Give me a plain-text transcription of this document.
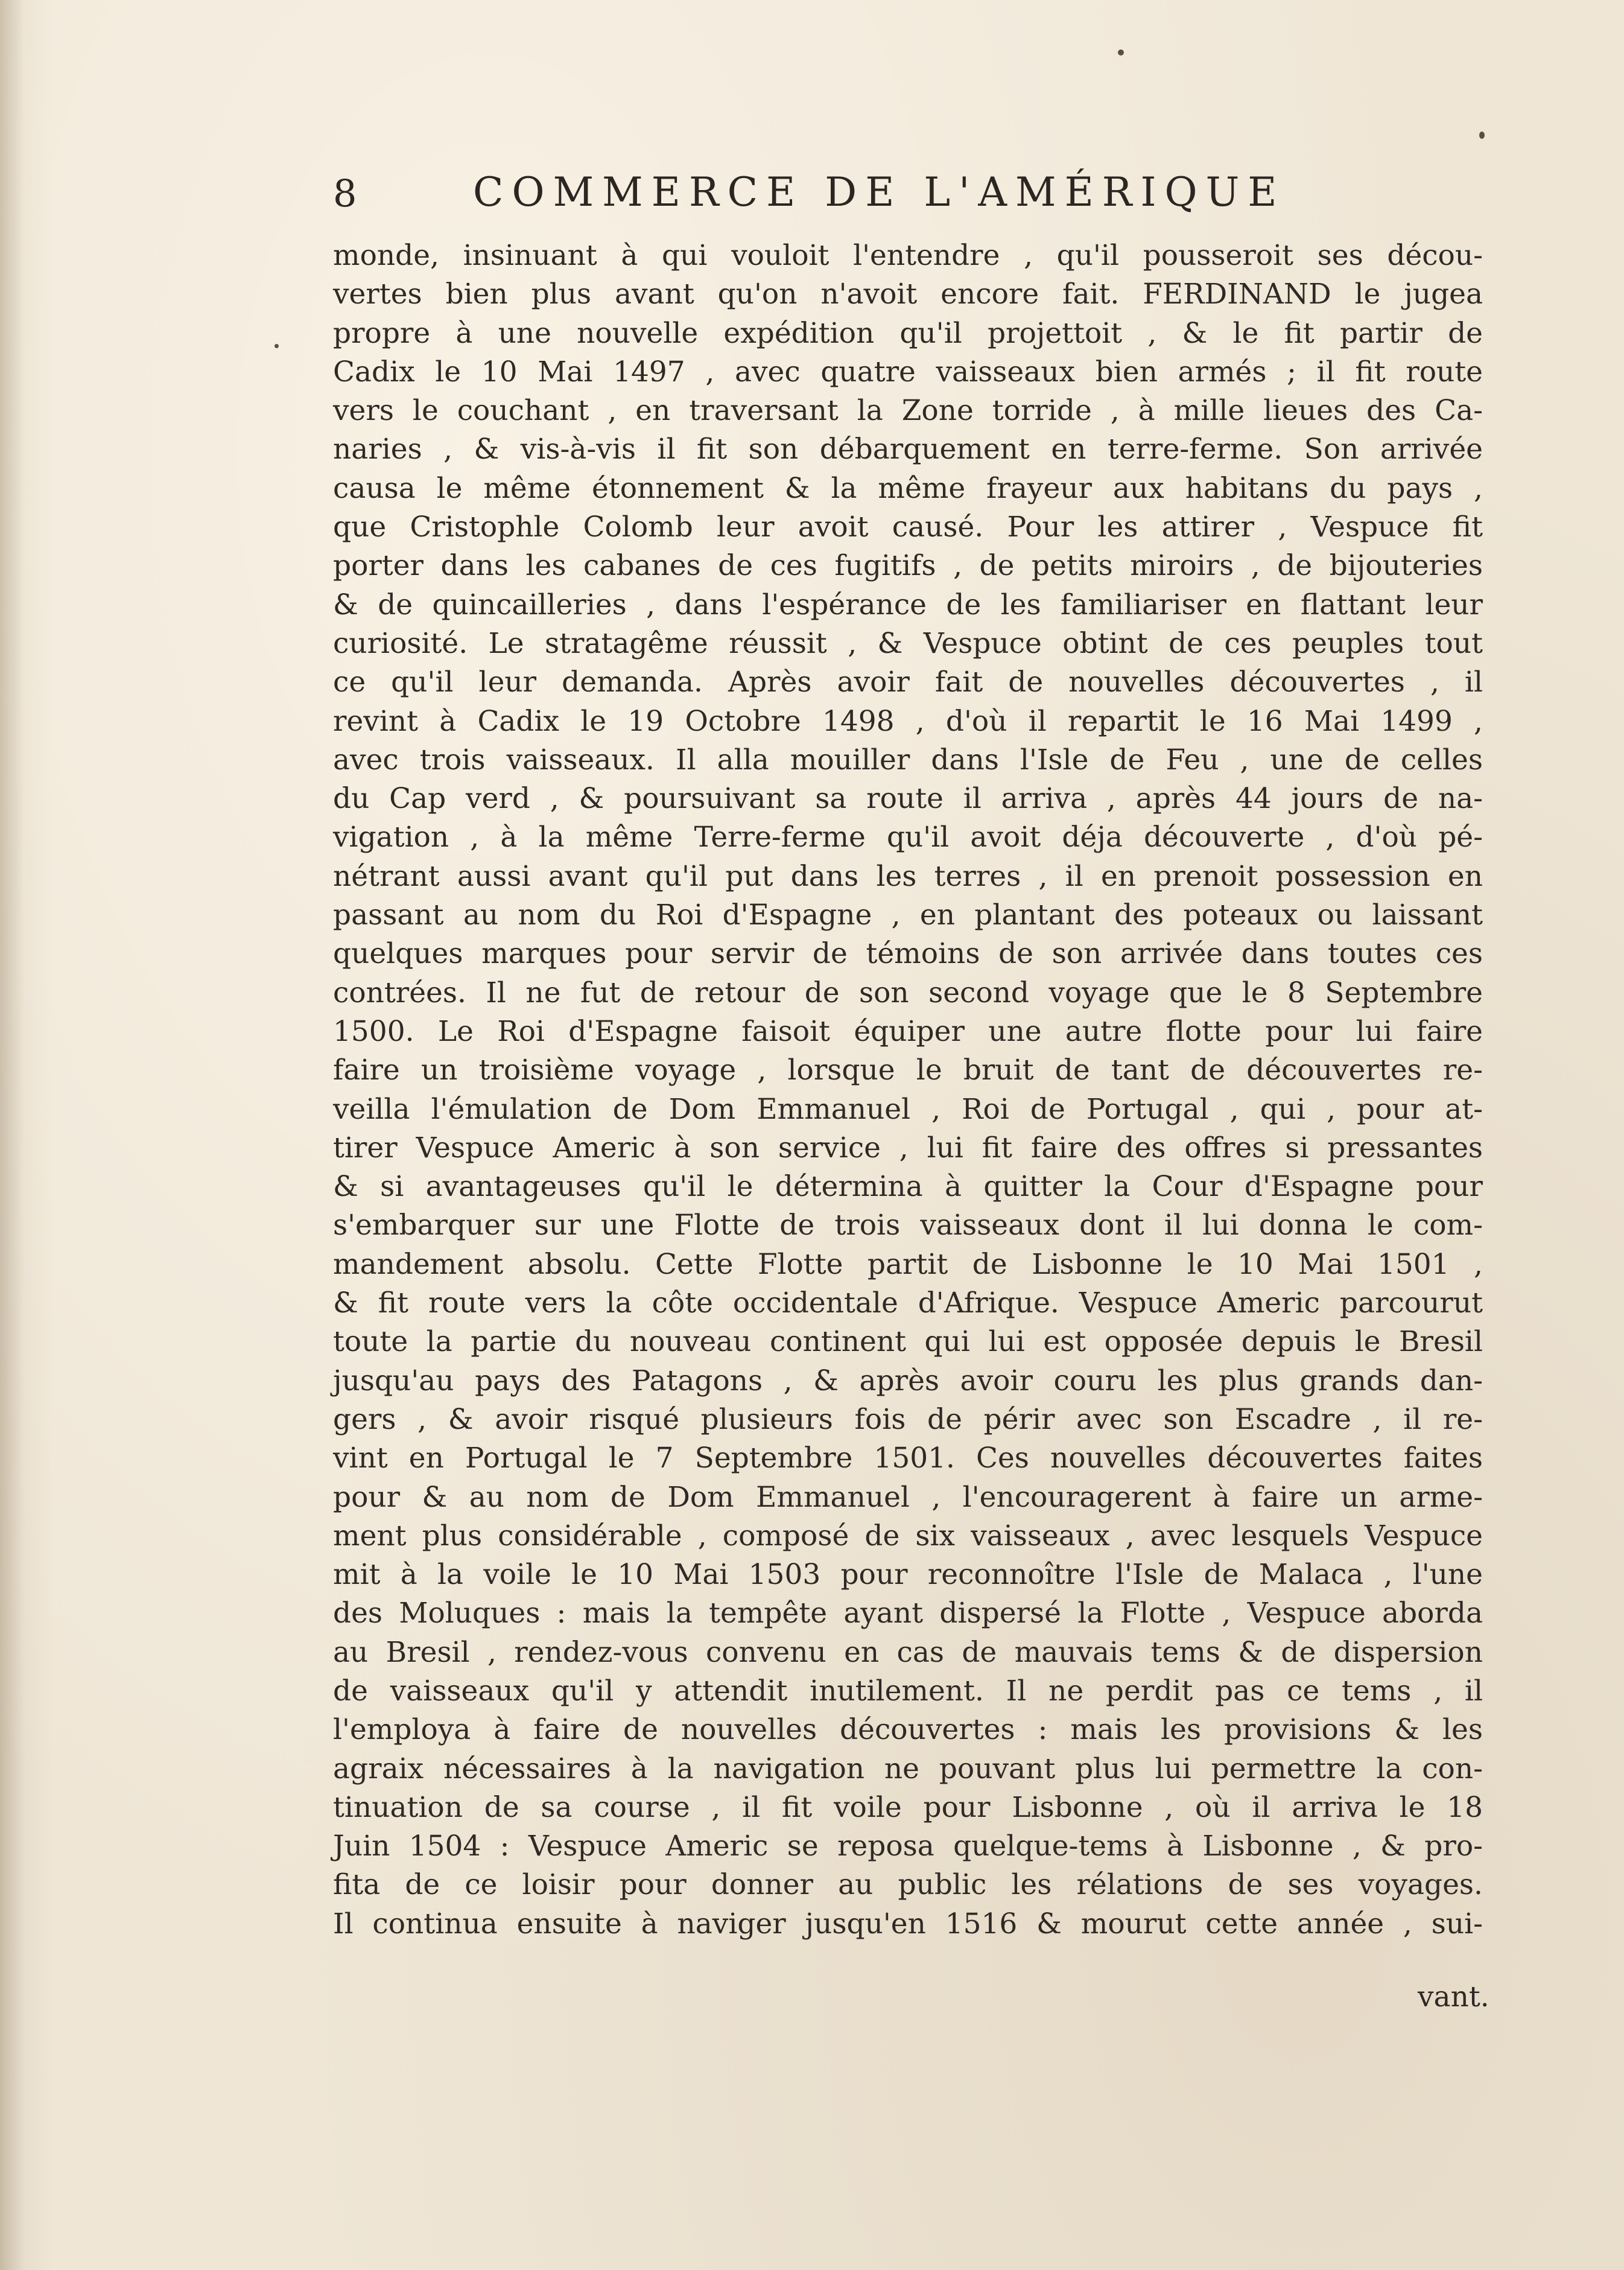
8	COMMERCE DE L'AMÉRIQUE
monde, insinuant à qui vouloit l'entendre , qu'il pousseroit ses décou-
vertes bien plus avant qu'on n'avoit encore fait. FERDINAND le jugea
propre à une nouvelle expédition qu'il projettoit , & le fit partir de
Cadix le 10 Mai 1497 , avec quatre vaisseaux bien armés ; il fit route
vers le couchant , en traversant la Zone torride , à mille lieues des Ca-
naries , & vis-à-vis il fit son débarquement en terre-ferme. Son arrivée
causa le même étonnement & la même frayeur aux habitans du pays ,
que Cristophle Colomb leur avoit causé. Pour les attirer , Vespuce fit
porter dans les cabanes de ces fugitifs , de petits miroirs , de bijouteries
& de quincailleries , dans l'espérance de les familiariser en flattant leur
curiosité. Le stratagême réussit , & Vespuce obtint de ces peuples tout
ce qu'il leur demanda. Après avoir fait de nouvelles découvertes , il
revint à Cadix le 19 Octobre 1498 , d'où il repartit le 16 Mai 1499 ,
avec trois vaisseaux. Il alla mouiller dans l'Isle de Feu , une de celles
du Cap verd , & poursuivant sa route il arriva , après 44 jours de na-
vigation , à la même Terre-ferme qu'il avoit déja découverte , d'où pé-
nétrant aussi avant qu'il put dans les terres , il en prenoit possession en
passant au nom du Roi d'Espagne , en plantant des poteaux ou laissant
quelques marques pour servir de témoins de son arrivée dans toutes ces
contrées. Il ne fut de retour de son second voyage que le 8 Septembre
1500. Le Roi d'Espagne faisoit équiper une autre flotte pour lui faire
faire un troisième voyage , lorsque le bruit de tant de découvertes re-
veilla l'émulation de Dom Emmanuel , Roi de Portugal , qui , pour at-
tirer Vespuce Americ à son service , lui fit faire des offres si pressantes
& si avantageuses qu'il le détermina à quitter la Cour d'Espagne pour
s'embarquer sur une Flotte de trois vaisseaux dont il lui donna le com-
mandement absolu. Cette Flotte partit de Lisbonne le 10 Mai 1501 ,
& fit route vers la côte occidentale d'Afrique. Vespuce Americ parcourut
toute la partie du nouveau continent qui lui est opposée depuis le Bresil
jusqu'au pays des Patagons , & après avoir couru les plus grands dan-
gers , & avoir risqué plusieurs fois de périr avec son Escadre , il re-
vint en Portugal le 7 Septembre 1501. Ces nouvelles découvertes faites
pour & au nom de Dom Emmanuel , l'encouragerent à faire un arme-
ment plus considérable , composé de six vaisseaux , avec lesquels Vespuce
mit à la voile le 10 Mai 1503 pour reconnoître l'Isle de Malaca , l'une
des Moluques : mais la tempête ayant dispersé la Flotte , Vespuce aborda
au Bresil , rendez-vous convenu en cas de mauvais tems & de dispersion
de vaisseaux qu'il y attendit inutilement. Il ne perdit pas ce tems , il
l'employa à faire de nouvelles découvertes : mais les provisions & les
agraix nécessaires à la navigation ne pouvant plus lui permettre la con-
tinuation de sa course , il fit voile pour Lisbonne , où il arriva le 18
Juin 1504 : Vespuce Americ se reposa quelque-tems à Lisbonne , & pro-
fita de ce loisir pour donner au public les rélations de ses voyages.
Il continua ensuite à naviger jusqu'en 1516 & mourut cette année , sui-
vant.
